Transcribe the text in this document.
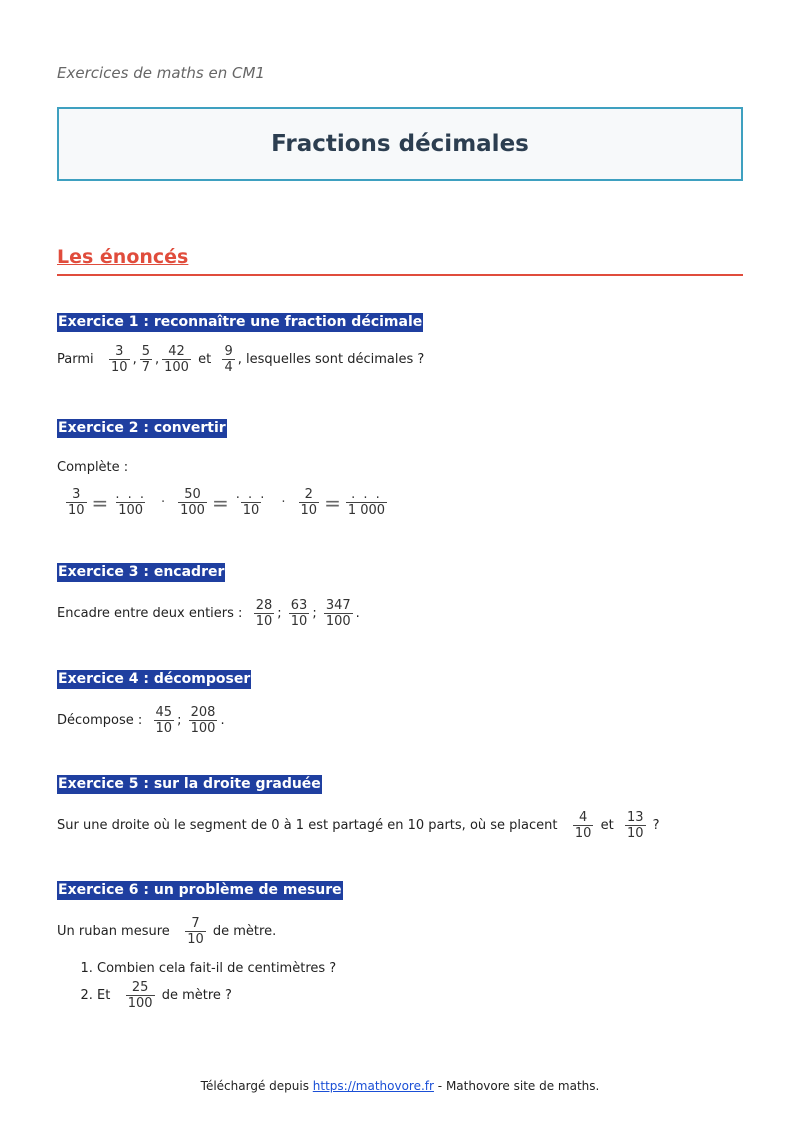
Exercices de maths en CM1
Fractions décimales
Les énoncés
Exercice 1 : reconnaître une fraction décimale
Parmi
$\frac{3}{10}$ , $\frac{5}{7}$ , $\frac{42}{100}$
et
$\frac{9}{4}$ , lesquelles sont décimales ?
Exercice 2 : convertir
Complète :
$\frac{3}{10} = \frac{. . .}{100} \cdot \frac{50}{100} = \frac{. . .}{10} \cdot \frac{2}{10} = \frac{. . .}{1 000}$
Exercice 3 : encadrer
Encadre entre deux entiers :
$\frac{28}{10}$ ;
$\frac{63}{10}$ ;
$\frac{347}{100}$ .
Exercice 4 : décomposer
Décompose :
$\frac{45}{10}$ ;
$\frac{208}{100}$ .
Exercice 5 : sur la droite graduée
Sur une droite où le segment de 0 à 1 est partagé en 10 parts, où se placent
$\frac{4}{10}$
et
$\frac{13}{10}$
?
Exercice 6 : un problème de mesure
Un ruban mesure
$\frac{7}{10}$
de mètre.
1. Combien cela fait-il de centimètres ?
2. Et
$\frac{25}{100}$
de mètre ?
Téléchargé depuis https://mathovore.fr - Mathovore site de maths.
